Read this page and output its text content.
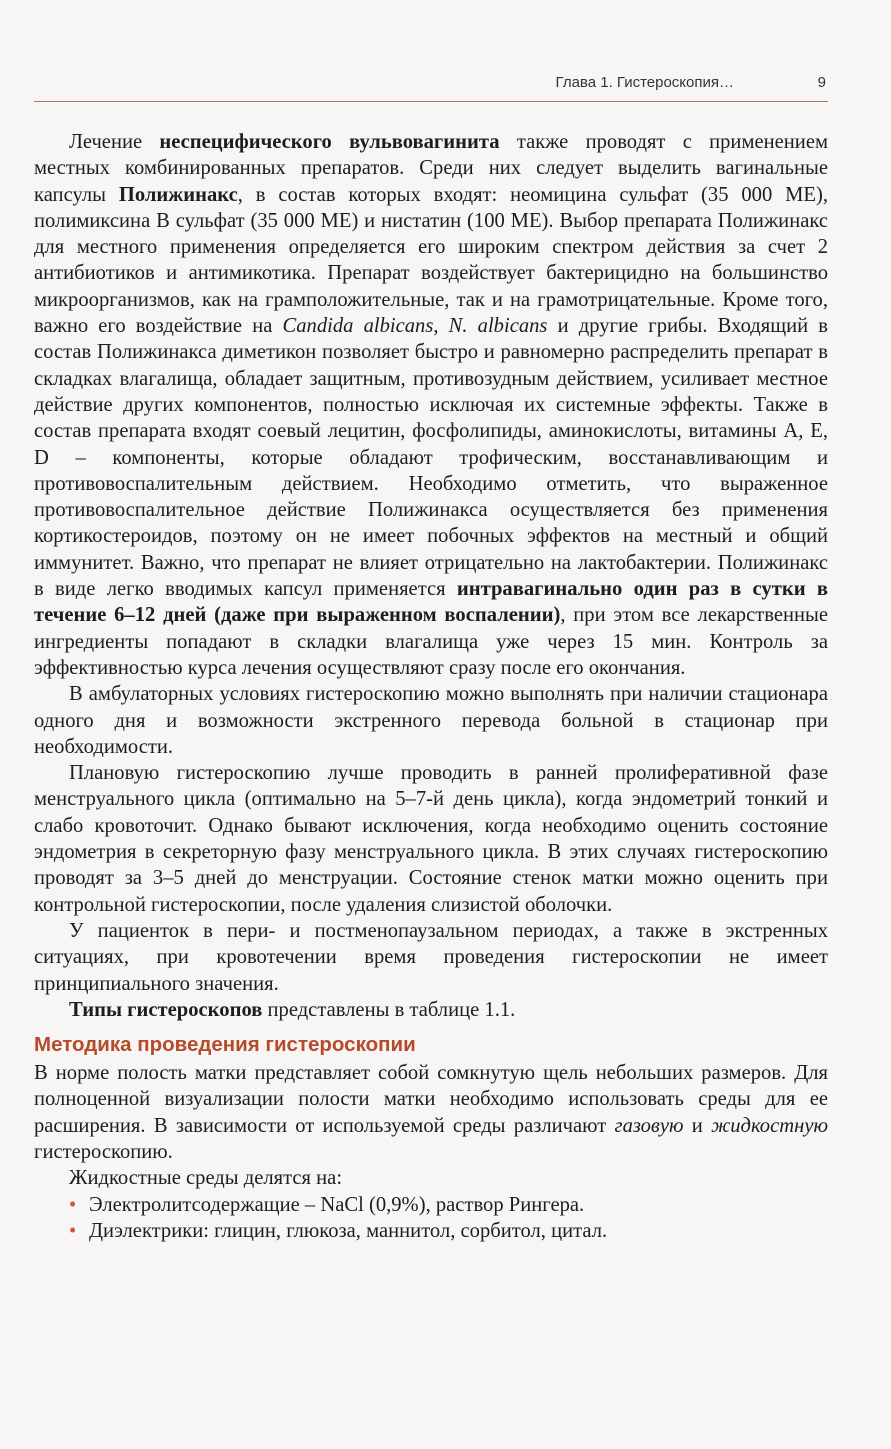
Глава 1. Гистероскопия…	9

Лечение неспецифического вульвовагинита также проводят с применением местных комбинированных препаратов. Среди них следует выделить вагинальные капсулы Полижинакс, в состав которых входят: неомицина сульфат (35 000 МЕ), полимиксина В сульфат (35 000 МЕ) и нистатин (100 МЕ). Выбор препарата Полижинакс для местного применения определяется его широким спектром действия за счет 2 антибиотиков и антимикотика. Препарат воздействует бактерицидно на большинство микроорганизмов, как на грамположительные, так и на грамотрицательные. Кроме того, важно его воздействие на Candida albicans, N. albicans и другие грибы. Входящий в состав Полижинакса диметикон позволяет быстро и равномерно распределить препарат в складках влагалища, обладает защитным, противозудным действием, усиливает местное действие других компонентов, полностью исключая их системные эффекты. Также в состав препарата входят соевый лецитин, фосфолипиды, аминокислоты, витамины А, Е, D – компоненты, которые обладают трофическим, восстанавливающим и противовоспалительным действием. Необходимо отметить, что выраженное противовоспалительное действие Полижинакса осуществляется без применения кортикостероидов, поэтому он не имеет побочных эффектов на местный и общий иммунитет. Важно, что препарат не влияет отрицательно на лактобактерии. Полижинакс в виде легко вводимых капсул применяется интравагинально один раз в сутки в течение 6–12 дней (даже при выраженном воспалении), при этом все лекарственные ингредиенты попадают в складки влагалища уже через 15 мин. Контроль за эффективностью курса лечения осуществляют сразу после его окончания.

В амбулаторных условиях гистероскопию можно выполнять при наличии стационара одного дня и возможности экстренного перевода больной в стационар при необходимости.

Плановую гистероскопию лучше проводить в ранней пролиферативной фазе менструального цикла (оптимально на 5–7-й день цикла), когда эндометрий тонкий и слабо кровоточит. Однако бывают исключения, когда необходимо оценить состояние эндометрия в секреторную фазу менструального цикла. В этих случаях гистероскопию проводят за 3–5 дней до менструации. Состояние стенок матки можно оценить при контрольной гистероскопии, после удаления слизистой оболочки.

У пациенток в пери- и постменопаузальном периодах, а также в экстренных ситуациях, при кровотечении время проведения гистероскопии не имеет принципиального значения.

Типы гистероскопов представлены в таблице 1.1.

Методика проведения гистероскопии

В норме полость матки представляет собой сомкнутую щель небольших размеров. Для полноценной визуализации полости матки необходимо использовать среды для ее расширения. В зависимости от используемой среды различают газовую и жидкостную гистероскопию.

Жидкостные среды делятся на:

• Электролитсодержащие – NaCl (0,9%), раствор Рингера.
• Диэлектрики: глицин, глюкоза, маннитол, сорбитол, цитал.
